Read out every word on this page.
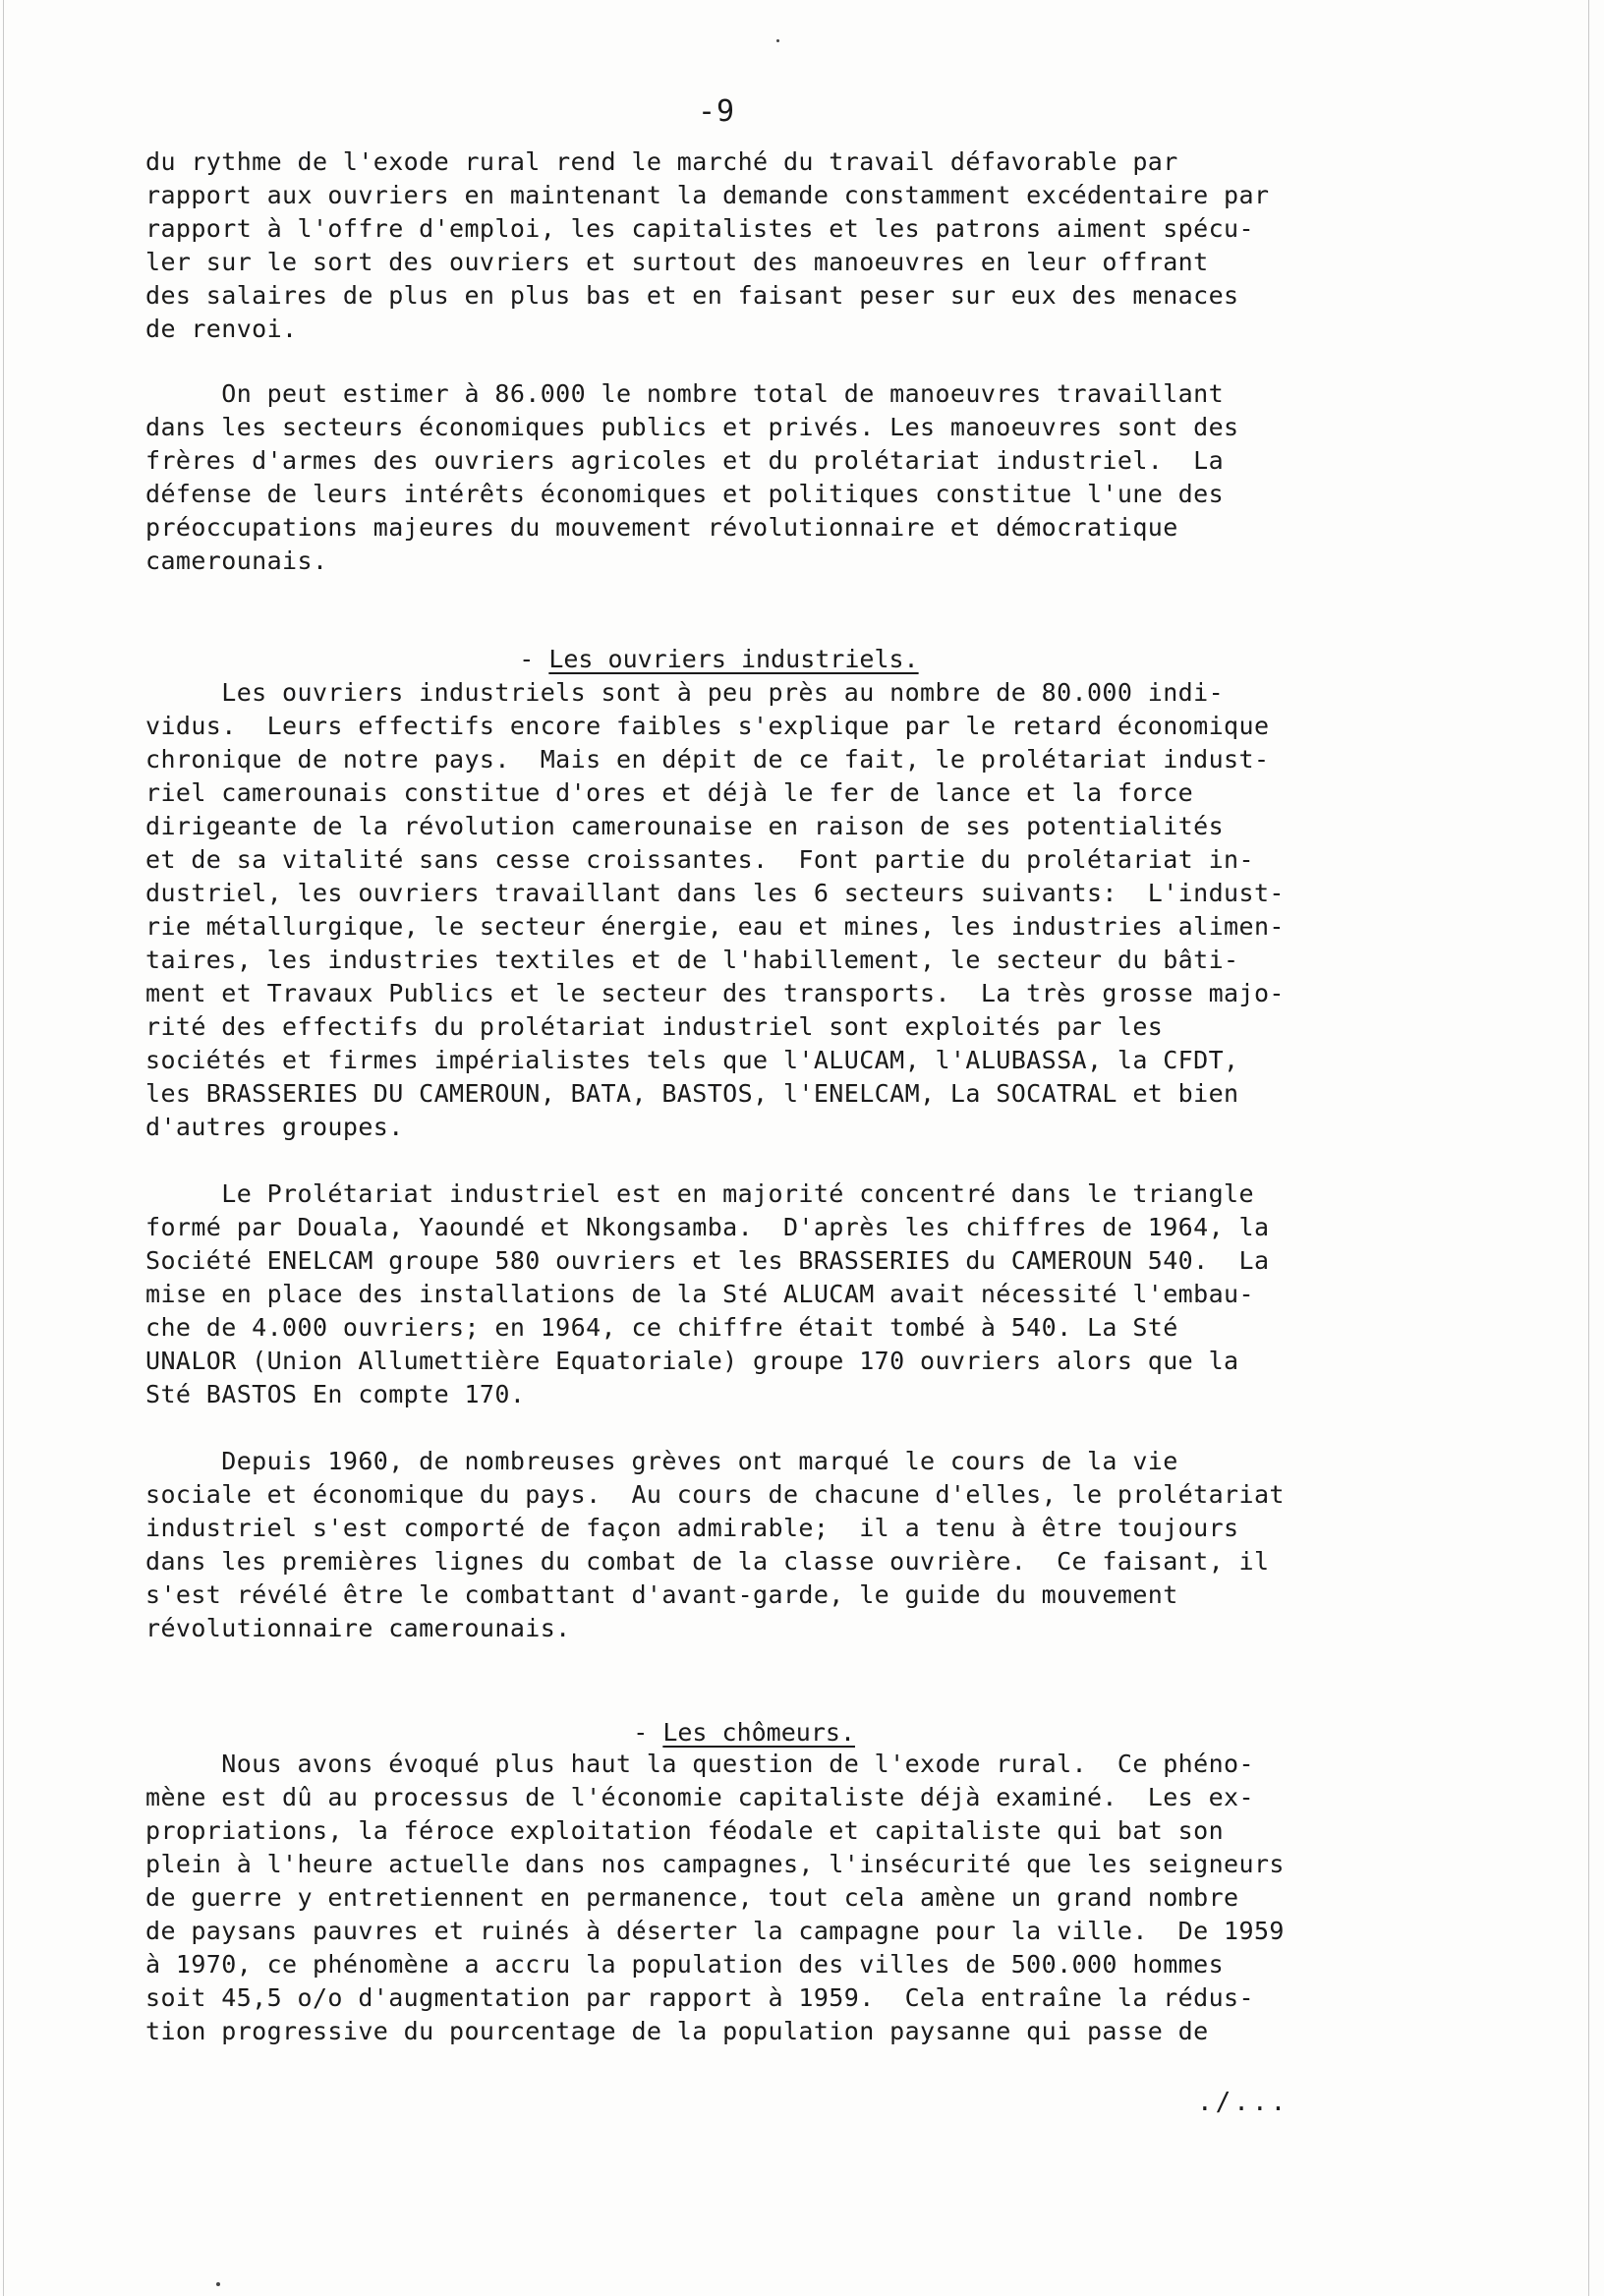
-9
du rythme de l'exode rural rend le marché du travail défavorable par
rapport aux ouvriers en maintenant la demande constamment excédentaire par
rapport à l'offre d'emploi, les capitalistes et les patrons aiment spécu-
ler sur le sort des ouvriers et surtout des manoeuvres en leur offrant
des salaires de plus en plus bas et en faisant peser sur eux des menaces
de renvoi.
On peut estimer à 86.000 le nombre total de manoeuvres travaillant
dans les secteurs économiques publics et privés. Les manoeuvres sont des
frères d'armes des ouvriers agricoles et du prolétariat industriel.  La
défense de leurs intérêts économiques et politiques constitue l'une des
préoccupations majeures du mouvement révolutionnaire et démocratique
camerounais.

- Les ouvriers industriels.

Les ouvriers industriels sont à peu près au nombre de 80.000 indi-
vidus.  Leurs effectifs encore faibles s'explique par le retard économique
chronique de notre pays.  Mais en dépit de ce fait, le prolétariat indust-
riel camerounais constitue d'ores et déjà le fer de lance et la force
dirigeante de la révolution camerounaise en raison de ses potentialités
et de sa vitalité sans cesse croissantes.  Font partie du prolétariat in-
dustriel, les ouvriers travaillant dans les 6 secteurs suivants:  L'indust-
rie métallurgique, le secteur énergie, eau et mines, les industries alimen-
taires, les industries textiles et de l'habillement, le secteur du bâti-
ment et Travaux Publics et le secteur des transports.  La très grosse majo-
rité des effectifs du prolétariat industriel sont exploités par les
sociétés et firmes impérialistes tels que l'ALUCAM, l'ALUBASSA, la CFDT,
les BRASSERIES DU CAMEROUN, BATA, BASTOS, l'ENELCAM, La SOCATRAL et bien
d'autres groupes.
Le Prolétariat industriel est en majorité concentré dans le triangle
formé par Douala, Yaoundé et Nkongsamba.  D'après les chiffres de 1964, la
Société ENELCAM groupe 580 ouvriers et les BRASSERIES du CAMEROUN 540.  La
mise en place des installations de la Sté ALUCAM avait nécessité l'embau-
che de 4.000 ouvriers; en 1964, ce chiffre était tombé à 540. La Sté
UNALOR (Union Allumettière Equatoriale) groupe 170 ouvriers alors que la
Sté BASTOS En compte 170.
Depuis 1960, de nombreuses grèves ont marqué le cours de la vie
sociale et économique du pays.  Au cours de chacune d'elles, le prolétariat
industriel s'est comporté de façon admirable;  il a tenu à être toujours
dans les premières lignes du combat de la classe ouvrière.  Ce faisant, il
s'est révélé être le combattant d'avant-garde, le guide du mouvement
révolutionnaire camerounais.

- Les chômeurs.

Nous avons évoqué plus haut la question de l'exode rural.  Ce phéno-
mène est dû au processus de l'économie capitaliste déjà examiné.  Les ex-
propriations, la féroce exploitation féodale et capitaliste qui bat son
plein à l'heure actuelle dans nos campagnes, l'insécurité que les seigneurs
de guerre y entretiennent en permanence, tout cela amène un grand nombre
de paysans pauvres et ruinés à déserter la campagne pour la ville.  De 1959
à 1970, ce phénomène a accru la population des villes de 500.000 hommes
soit 45,5 o/o d'augmentation par rapport à 1959.  Cela entraîne la rédus-
tion progressive du pourcentage de la population paysanne qui passe de
./...
